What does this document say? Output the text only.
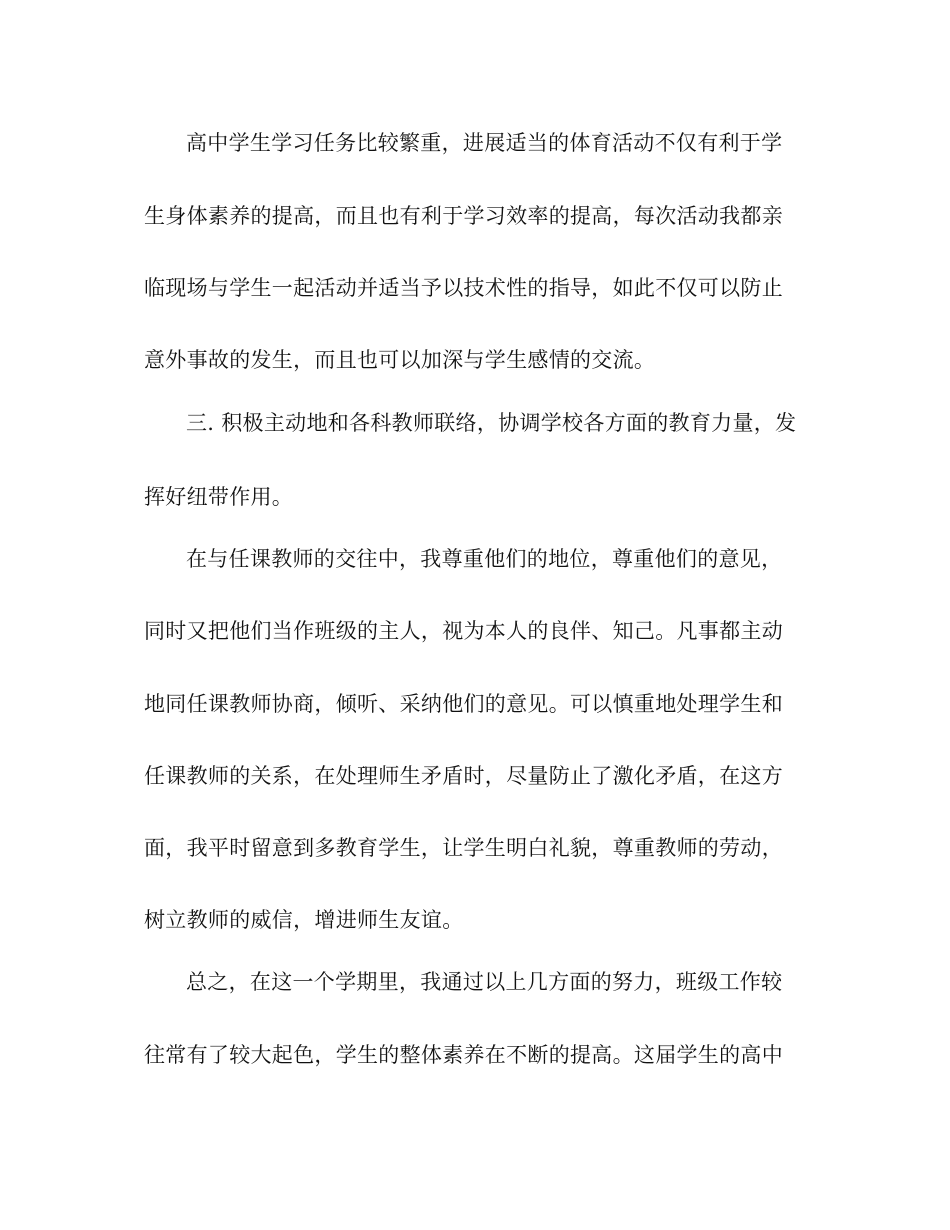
高中学生学习任务比较繁重，进展适当的体育活动不仅有利于学
生身体素养的提高，而且也有利于学习效率的提高，每次活动我都亲
临现场与学生一起活动并适当予以技术性的指导，如此不仅可以防止
意外事故的发生，而且也可以加深与学生感情的交流。
三. 积极主动地和各科教师联络，协调学校各方面的教育力量，发
挥好纽带作用。
在与任课教师的交往中，我尊重他们的地位，尊重他们的意见，
同时又把他们当作班级的主人，视为本人的良伴、知己。凡事都主动
地同任课教师协商，倾听、采纳他们的意见。可以慎重地处理学生和
任课教师的关系，在处理师生矛盾时，尽量防止了激化矛盾，在这方
面，我平时留意到多教育学生，让学生明白礼貌，尊重教师的劳动，
树立教师的威信，增进师生友谊。
总之，在这一个学期里，我通过以上几方面的努力，班级工作较
往常有了较大起色，学生的整体素养在不断的提高。这届学生的高中
